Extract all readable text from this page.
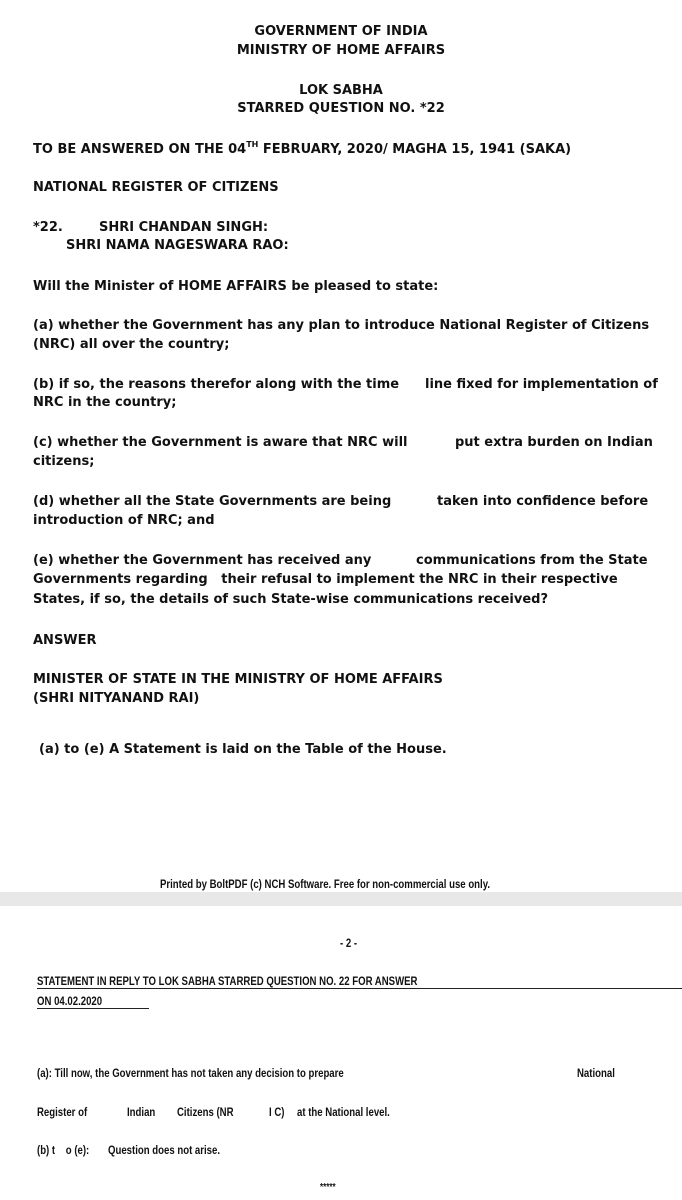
GOVERNMENT OF INDIA
MINISTRY OF HOME AFFAIRS
LOK SABHA
STARRED QUESTION NO. *22
TO BE ANSWERED ON THE 04TH FEBRUARY, 2020/ MAGHA 15, 1941 (SAKA)
NATIONAL REGISTER OF CITIZENS
*22.	SHRI CHANDAN SINGH:
SHRI NAMA NAGESWARA RAO:
Will the Minister of HOME AFFAIRS be pleased to state:
(a) whether the Government has any plan to introduce National Register of Citizens
(NRC) all over the country;
(b) if so, the reasons therefor along with the time line fixed for implementation of
NRC in the country;
(c) whether the Government is aware that NRC will	put extra burden on Indian
citizens;
(d) whether all the State Governments are being	taken into confidence before
introduction of NRC; and
(e) whether the Government has received any	communications from the State
Governments regarding   their refusal to implement the NRC in their respective
States, if so, the details of such State-wise communications received?
ANSWER
MINISTER OF STATE IN THE MINISTRY OF HOME AFFAIRS
(SHRI NITYANAND RAI)
(a) to (e) A Statement is laid on the Table of the House.
Printed by BoltPDF (c) NCH Software. Free for non-commercial use only.
- 2 -
STATEMENT IN REPLY TO LOK SABHA STARRED QUESTION NO. 22 FOR ANSWER
ON 04.02.2020
(a): Till now, the Government has not taken any decision to prepare	National
Register of	Indian Citizens (NR	I C) at the National level.
(b) t    o (e): Question does not arise.
*****
